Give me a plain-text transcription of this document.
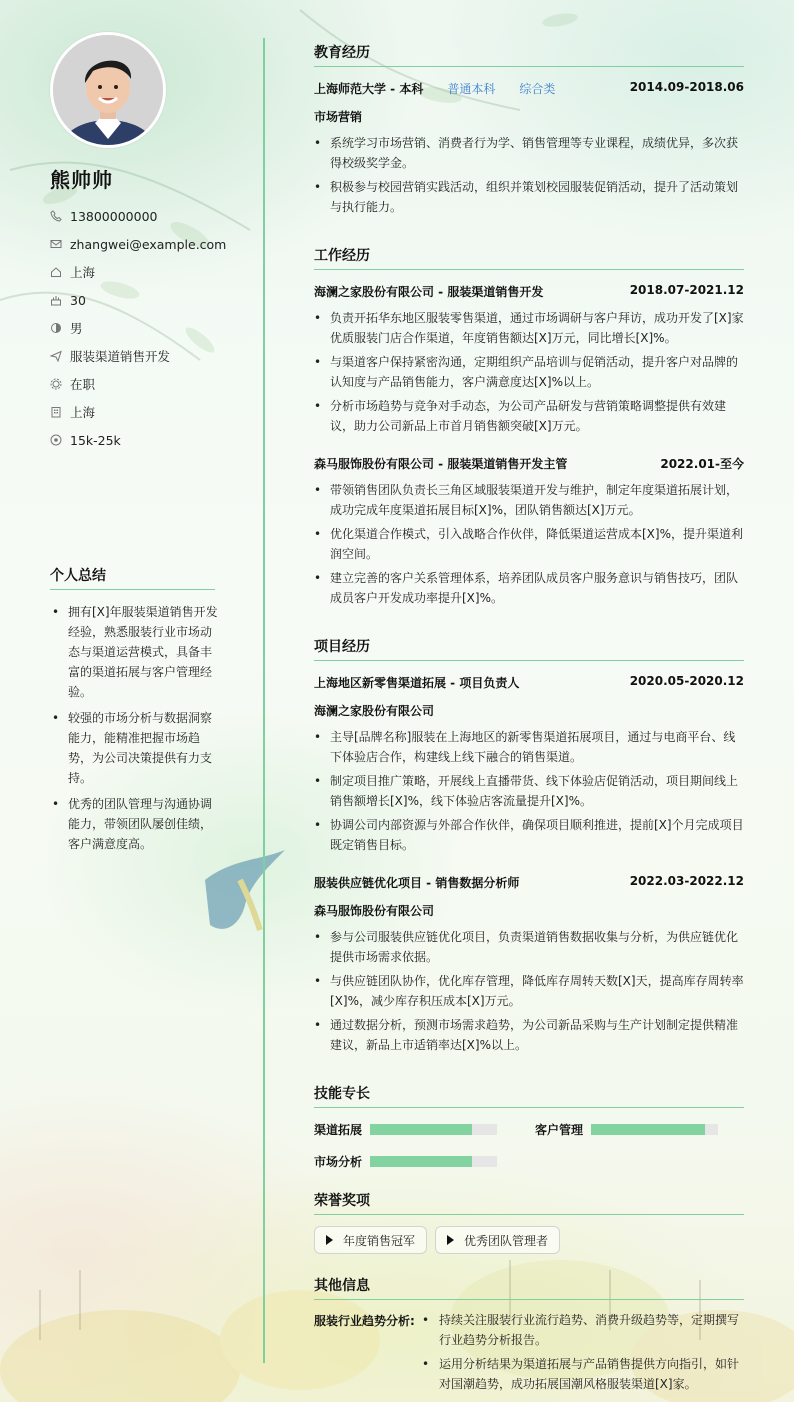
熊帅帅
13800000000
zhangwei@example.com
上海
30
男
服装渠道销售开发
在职
上海
15k-25k
个人总结
• 拥有[X]年服装渠道销售开发经验，熟悉服装行业市场动态与渠道运营模式，具备丰富的渠道拓展与客户管理经验。
• 较强的市场分析与数据洞察能力，能精准把握市场趋势，为公司决策提供有力支持。
• 优秀的团队管理与沟通协调能力，带领团队屡创佳绩，客户满意度高。
教育经历
上海师范大学 - 本科 普通本科 综合类	2014.09-2018.06
市场营销
• 系统学习市场营销、消费者行为学、销售管理等专业课程，成绩优异，多次获得校级奖学金。
• 积极参与校园营销实践活动，组织并策划校园服装促销活动，提升了活动策划与执行能力。
工作经历
海澜之家股份有限公司 - 服装渠道销售开发	2018.07-2021.12
• 负责开拓华东地区服装零售渠道，通过市场调研与客户拜访，成功开发了[X]家优质服装门店合作渠道，年度销售额达[X]万元，同比增长[X]%。
• 与渠道客户保持紧密沟通，定期组织产品培训与促销活动，提升客户对品牌的认知度与产品销售能力，客户满意度达[X]%以上。
• 分析市场趋势与竞争对手动态，为公司产品研发与营销策略调整提供有效建议，助力公司新品上市首月销售额突破[X]万元。
森马服饰股份有限公司 - 服装渠道销售开发主管	2022.01-至今
• 带领销售团队负责长三角区域服装渠道开发与维护，制定年度渠道拓展计划，成功完成年度渠道拓展目标[X]%，团队销售额达[X]万元。
• 优化渠道合作模式，引入战略合作伙伴，降低渠道运营成本[X]%，提升渠道利润空间。
• 建立完善的客户关系管理体系，培养团队成员客户服务意识与销售技巧，团队成员客户开发成功率提升[X]%。
项目经历
上海地区新零售渠道拓展 - 项目负责人	2020.05-2020.12
海澜之家股份有限公司
• 主导[品牌名称]服装在上海地区的新零售渠道拓展项目，通过与电商平台、线下体验店合作，构建线上线下融合的销售渠道。
• 制定项目推广策略，开展线上直播带货、线下体验店促销活动，项目期间线上销售额增长[X]%，线下体验店客流量提升[X]%。
• 协调公司内部资源与外部合作伙伴，确保项目顺利推进，提前[X]个月完成项目既定销售目标。
服装供应链优化项目 - 销售数据分析师	2022.03-2022.12
森马服饰股份有限公司
• 参与公司服装供应链优化项目，负责渠道销售数据收集与分析，为供应链优化提供市场需求依据。
• 与供应链团队协作，优化库存管理，降低库存周转天数[X]天，提高库存周转率[X]%，减少库存积压成本[X]万元。
• 通过数据分析，预测市场需求趋势，为公司新品采购与生产计划制定提供精准建议，新品上市适销率达[X]%以上。
技能专长
渠道拓展	客户管理
市场分析
荣誉奖项
年度销售冠军	优秀团队管理者
其他信息
服装行业趋势分析:
•	持续关注服装行业流行趋势、消费升级趋势等，定期撰写行业趋势分析报告。
• 运用分析结果为渠道拓展与产品销售提供方向指引，如针对国潮趋势，成功拓展国潮风格服装渠道[X]家。
